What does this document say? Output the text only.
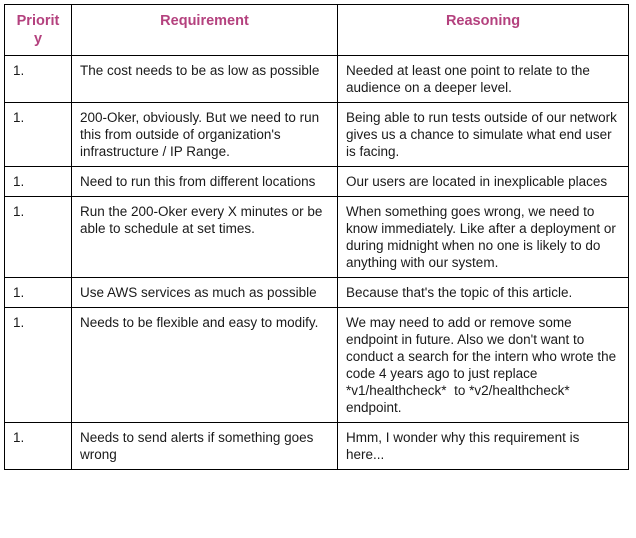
Priority	Requirement	Reasoning
1.	The cost needs to be as low as possible	Needed at least one point to relate to the audience on a deeper level.
1.	200-Oker, obviously. But we need to run this from outside of organization's infrastructure / IP Range.	Being able to run tests outside of our network gives us a chance to simulate what end user is facing.
1.	Need to run this from different locations	Our users are located in inexplicable places
1.	Run the 200-Oker every X minutes or be able to schedule at set times.	When something goes wrong, we need to know immediately. Like after a deployment or during midnight when no one is likely to do anything with our system.
1.	Use AWS services as much as possible	Because that's the topic of this article.
1.	Needs to be flexible and easy to modify.	We may need to add or remove some endpoint in future. Also we don't want to conduct a search for the intern who wrote the code 4 years ago to just replace *v1/healthcheck*  to *v2/healthcheck* endpoint.
1.	Needs to send alerts if something goes wrong	Hmm, I wonder why this requirement is here...
